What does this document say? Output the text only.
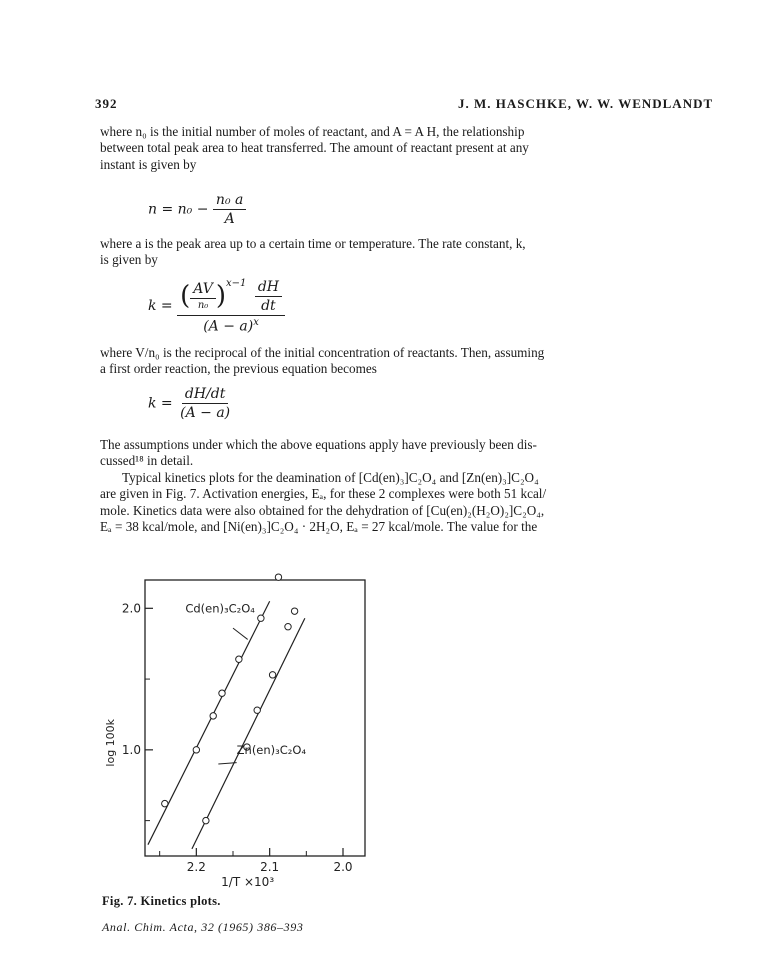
392	J. M. HASCHKE, W. W. WENDLANDT
where n₀ is the initial number of moles of reactant, and A = A H, the relationship
between total peak area to heat transferred. The amount of reactant present at any
instant is given by
$n = n_0 - \frac{\text{n₀ a}}{A}$
where a is the peak area up to a certain time or temperature. The rate constant, k,
is given by
$k = \frac{( \frac{AV}{\text{n₀}} )^{x-1} \frac{dH}{dt}}{(A - a)^x}$
where V/n₀ is the reciprocal of the initial concentration of reactants. Then, assuming
a first order reaction, the previous equation becomes
$k = \frac{dH/dt}{(A - a)}$
The assumptions under which the above equations apply have previously been dis-
cussed¹⁸ in detail.
Typical kinetics plots for the deamination of [Cd(en)₃]C₂O₄ and [Zn(en)₃]C₂O₄
are given in Fig. 7. Activation energies, Eₐ, for these 2 complexes were both 51 kcal/
mole. Kinetics data were also obtained for the dehydration of [Cu(en)₂(H₂O)₂]C₂O₄,
Eₐ = 38 kcal/mole, and [Ni(en)₃]C₂O₄ · 2H₂O, Eₐ = 27 kcal/mole. The value for the
2.2	2.1	2.0
2.0
1.0
1/T ×10³
log 100k
Cd(en)₃C₂O₄
Zn(en)₃C₂O₄
Fig. 7. Kinetics plots.
Anal. Chim. Acta, 32 (1965) 386–393
